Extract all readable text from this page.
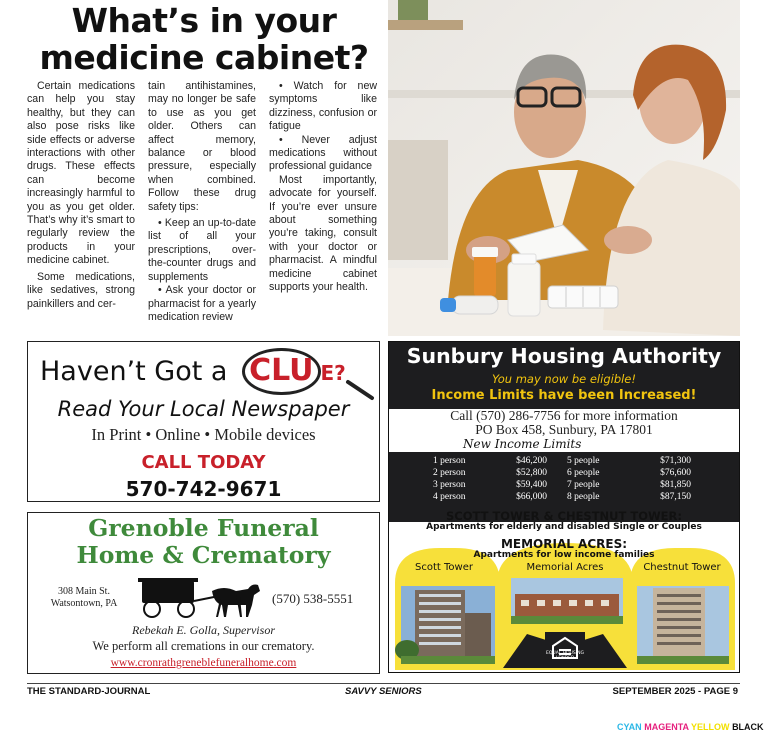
What’s in your medicine cabinet?

Certain medications can help you stay healthy, but they can also pose risks like side effects or adverse interactions with other drugs. These effects can become increasingly harmful to you as you get older. That’s why it’s smart to regularly review the products in your medicine cabinet.

Some medications, like sedatives, strong painkillers and cer-

tain antihistamines, may no longer be safe to use as you get older. Others can affect memory, balance or blood pressure, especially when combined. Follow these drug safety tips:

• Keep an up-to-date list of all your prescriptions, over-the-counter drugs and supplements

• Ask your doctor or pharmacist for a yearly medication review

• Watch for new symptoms like dizziness, confusion or fatigue

• Never adjust medications without professional guidance

Most importantly, advocate for yourself. If you’re ever unsure about something you’re taking, consult with your doctor or pharmacist. A mindful medicine cabinet supports your health.

Haven’t Got a CLU E?
Read Your Local Newspaper
In Print • Online • Mobile devices
CALL TODAY
570-742-9671
Grenoble Funeral
Home & Crematory
308 Main St.
Watsontown, PA	(570) 538-5551
Rebekah E. Golla, Supervisor
We perform all cremations in our crematory.
www.cronrathgreneblefuneralhome.com
Sunbury Housing Authority
You may now be eligible!
Income Limits have been Increased!
Call (570) 286-7756 for more information
PO Box 458, Sunbury, PA 17801
New Income Limits
1 person	$46,200
2 person	$52,800
3 person	$59,400
4 person	$66,000
5 people	$71,300
6 people	$76,600
7 people	$81,850
8 people	$87,150
SCOTT TOWER & CHESTNUT TOWER:
Apartments for elderly and disabled Single or Couples
MEMORIAL ACRES:
Apartments for low income families
Scott Tower	Memorial Acres	Chestnut Tower
EQUAL HOUSING
LENDER
THE STANDARD-JOURNAL	SAVVY SENIORS	SEPTEMBER 2025 - PAGE 9
CYAN MAGENTA YELLOW BLACK
